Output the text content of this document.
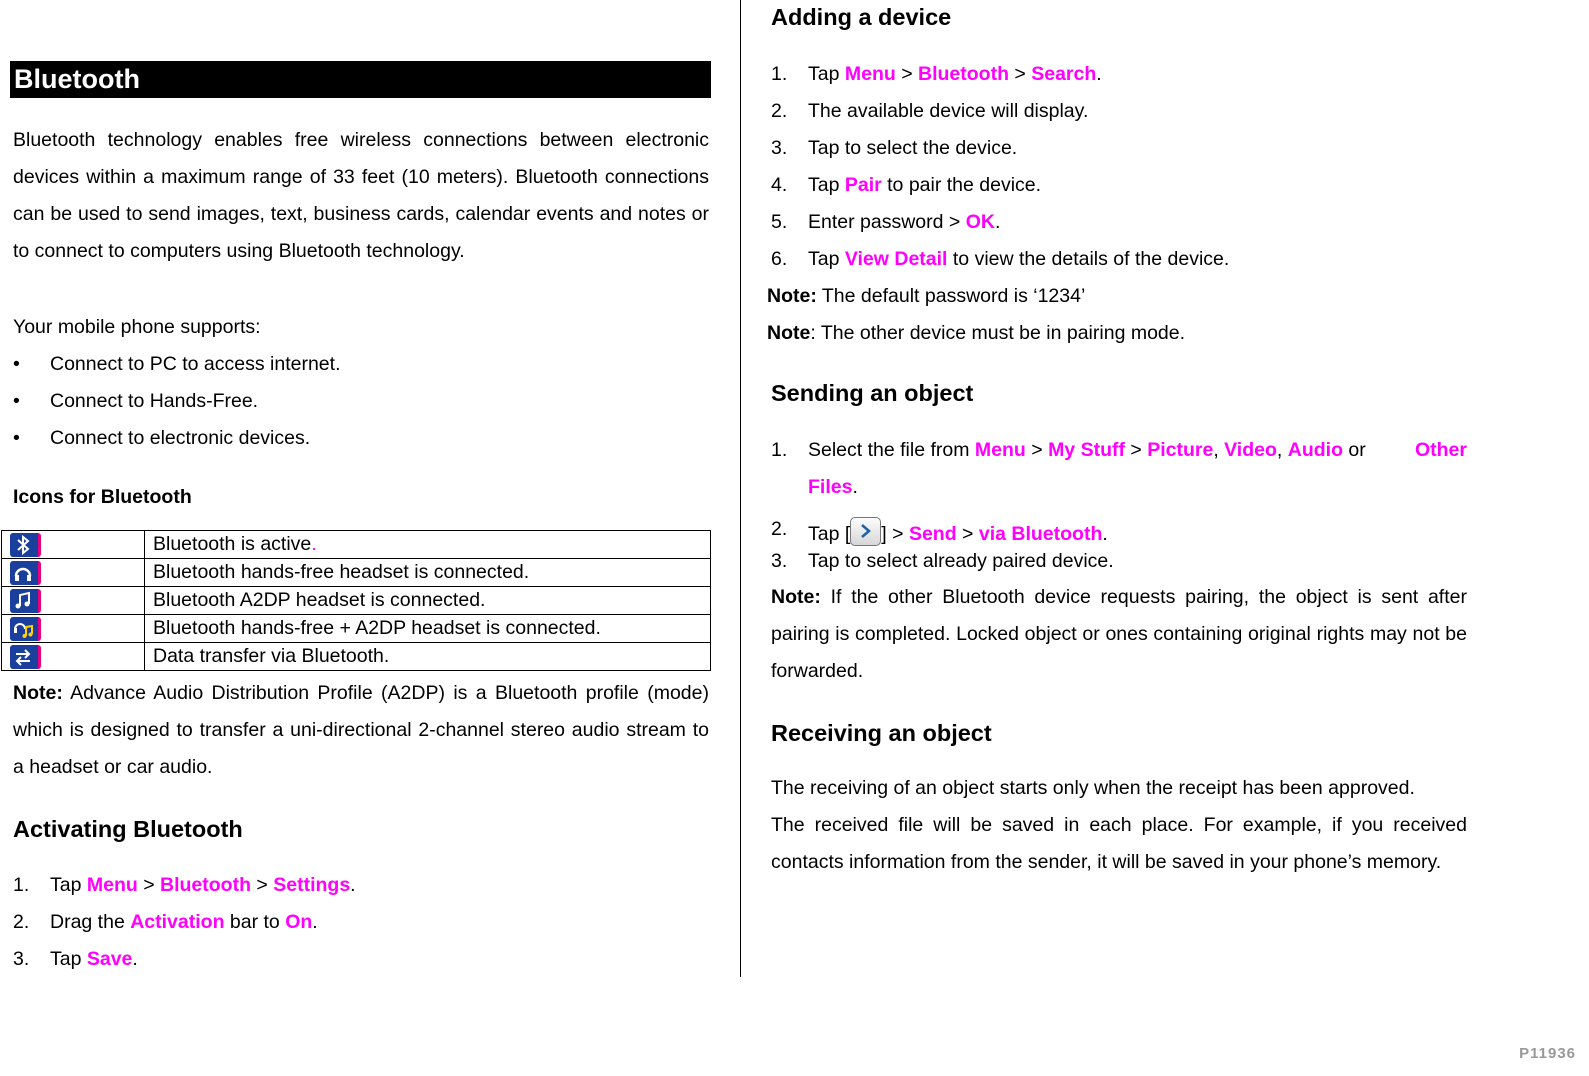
Bluetooth
Bluetooth technology enables free wireless connections between electronic devices within a maximum range of 33 feet (10 meters). Bluetooth connections can be used to send images, text, business cards, calendar events and notes or to connect to computers using Bluetooth technology.
Your mobile phone supports:
• Connect to PC to access internet.
• Connect to Hands-Free.
• Connect to electronic devices.
Icons for Bluetooth
	Bluetooth is active.

	Bluetooth hands-free headset is connected.

	Bluetooth A2DP headset is connected.

	Bluetooth hands-free + A2DP headset is connected.

	Data transfer via Bluetooth.
Note: Advance Audio Distribution Profile (A2DP) is a Bluetooth profile (mode) which is designed to transfer a uni-directional 2-channel stereo audio stream to a headset or car audio.
Activating Bluetooth
1. Tap Menu > Bluetooth > Settings.
2. Drag the Activation bar to On.
3. Tap Save.
Adding a device
1. Tap Menu > Bluetooth > Search.
2. The available device will display.
3. Tap to select the device.
4. Tap Pair to pair the device.
5. Enter password > OK.
6. Tap View Detail to view the details of the device.
Note: The default password is ‘1234’
Note: The other device must be in pairing mode.
Sending an object
1. Select the file from Menu > My Stuff > Picture, Video, Audio or	Other
Files.
2. Tap [ ] > Send > via Bluetooth.
3. Tap to select already paired device.
Note: If the other Bluetooth device requests pairing, the object is sent after pairing is completed. Locked object or ones containing original rights may not be forwarded.
Receiving an object
The receiving of an object starts only when the receipt has been approved.
The received file will be saved in each place. For example, if you received contacts information from the sender, it will be saved in your phone’s memory.
P11936
